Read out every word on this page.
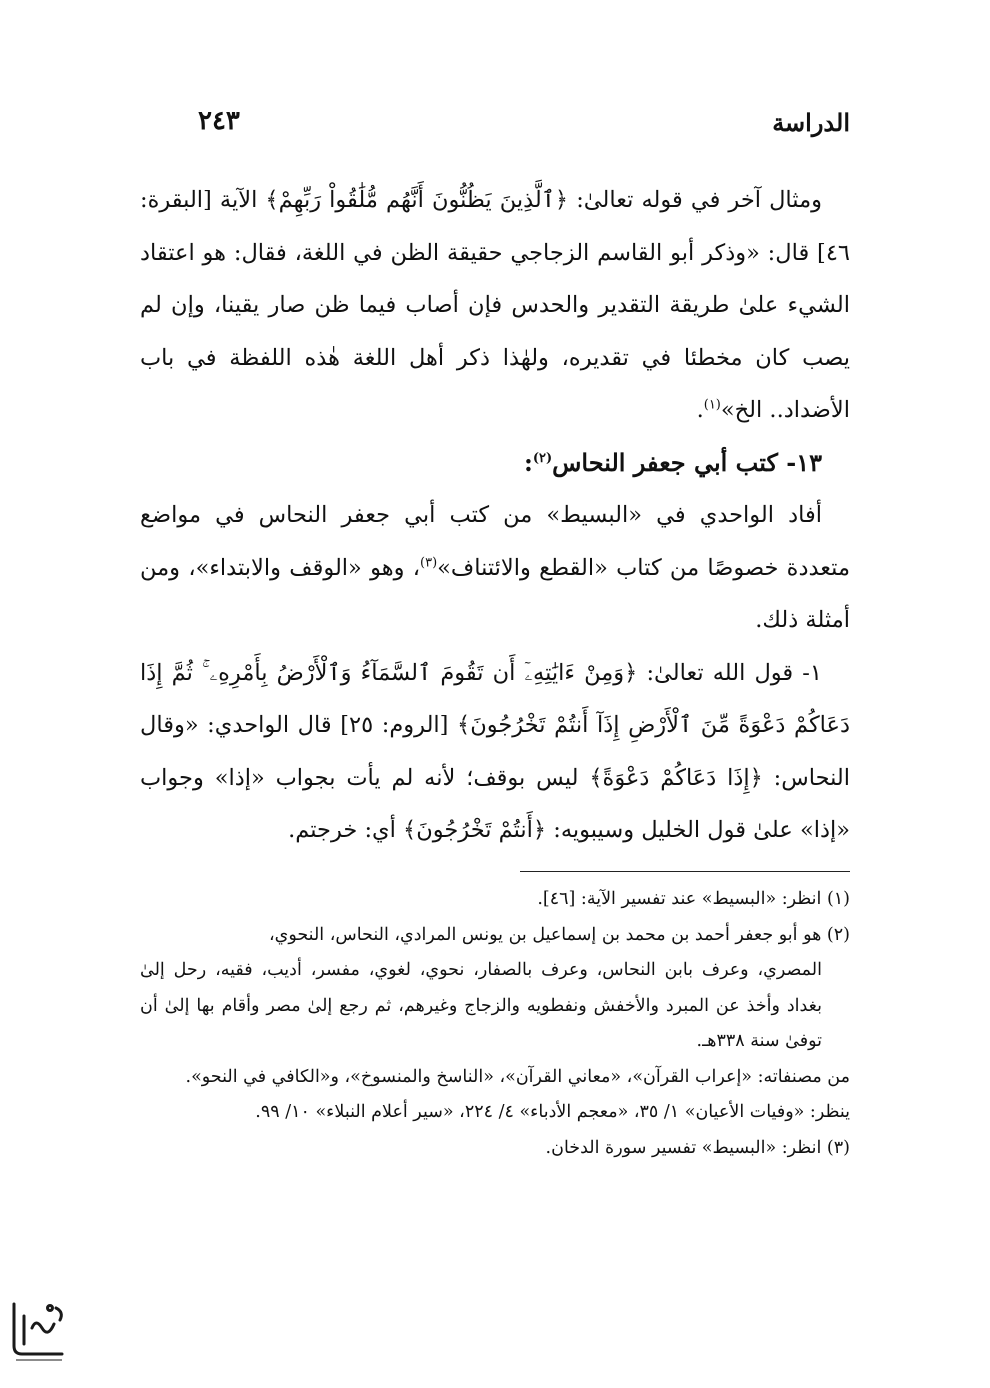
الدراسة
٢٤٣

ومثال آخر في قوله تعالىٰ: ﴿ٱلَّذِينَ يَظُنُّونَ أَنَّهُم مُّلَٰقُواْ رَبِّهِمْ﴾ الآية [البقرة: ٤٦] قال: «وذكر أبو القاسم الزجاجي حقيقة الظن في اللغة، فقال: هو اعتقاد الشيء علىٰ طريقة التقدير والحدس فإن أصاب فيما ظن صار يقينا، وإن لم يصب كان مخطئا في تقديره، ولهٰذا ذكر أهل اللغة هٰذه اللفظة في باب الأضداد.. الخ»$^{(١)}$.

١٣- كتب أبي جعفر النحاس$^{(٢)}$:

أفاد الواحدي في «البسيط» من كتب أبي جعفر النحاس في مواضع متعددة خصوصًا من كتاب «القطع والائتناف»$^{(٣)}$، وهو «الوقف والابتداء»، ومن أمثلة ذلك.

١- قول الله تعالىٰ: ﴿وَمِنْ ءَايَٰتِهِۦٓ أَن تَقُومَ ٱلسَّمَآءُ وَٱلْأَرْضُ بِأَمْرِهِۦ ۚ ثُمَّ إِذَا دَعَاكُمْ دَعْوَةً مِّنَ ٱلْأَرْضِ إِذَآ أَنتُمْ تَخْرُجُونَ﴾ [الروم: ٢٥] قال الواحدي: «وقال النحاس: ﴿إِذَا دَعَاكُمْ دَعْوَةً﴾ ليس بوقف؛ لأنه لم يأت بجواب «إذا» وجواب «إذا» علىٰ قول الخليل وسيبويه: ﴿أَنتُمْ تَخْرُجُونَ﴾ أي: خرجتم.

(١) انظر: «البسيط» عند تفسير الآية: [٤٦].

(٢) هو أبو جعفر أحمد بن محمد بن إسماعيل بن يونس المرادي، النحاس، النحوي،

المصري، وعرف بابن النحاس، وعرف بالصفار، نحوي، لغوي، مفسر، أديب، فقيه، رحل إلىٰ بغداد وأخذ عن المبرد والأخفش ونفطويه والزجاج وغيرهم، ثم رجع إلىٰ مصر وأقام بها إلىٰ أن توفىٰ سنة ٣٣٨هـ.

من مصنفاته: «إعراب القرآن»، «معاني القرآن»، «الناسخ والمنسوخ»، و«الكافي في النحو».

ينظر: «وفيات الأعيان» ١/ ٣٥، «معجم الأدباء» ٤/ ٢٢٤، «سير أعلام النبلاء» ١٠/ ٩٩.

(٣) انظر: «البسيط» تفسير سورة الدخان.
